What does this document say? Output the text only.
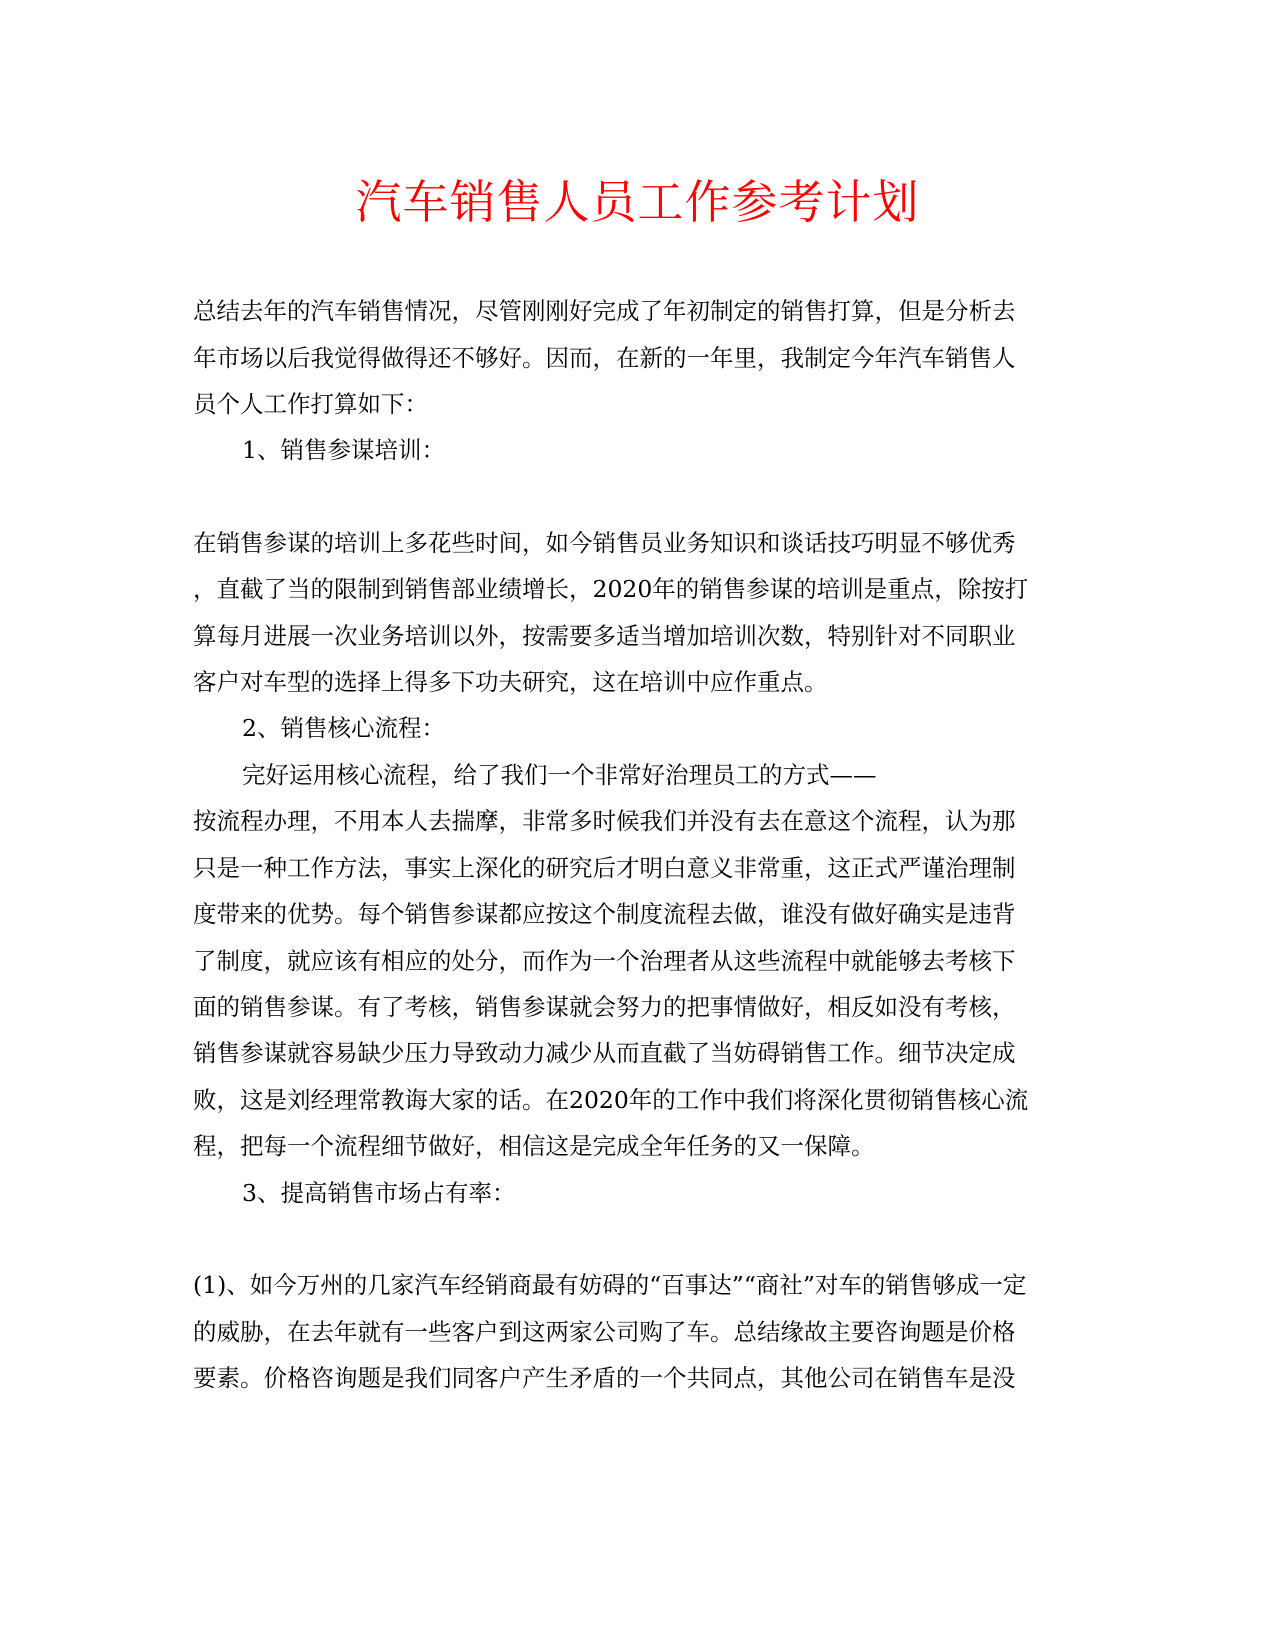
汽车销售人员工作参考计划
总结去年的汽车销售情况，尽管刚刚好完成了年初制定的销售打算，但是分析去
年市场以后我觉得做得还不够好。因而，在新的一年里，我制定今年汽车销售人
员个人工作打算如下：
1、销售参谋培训：
在销售参谋的培训上多花些时间，如今销售员业务知识和谈话技巧明显不够优秀
，直截了当的限制到销售部业绩增长，2020年的销售参谋的培训是重点，除按打
算每月进展一次业务培训以外，按需要多适当增加培训次数，特别针对不同职业
客户对车型的选择上得多下功夫研究，这在培训中应作重点。
2、销售核心流程：
完好运用核心流程，给了我们一个非常好治理员工的方式——
按流程办理，不用本人去揣摩，非常多时候我们并没有去在意这个流程，认为那
只是一种工作方法，事实上深化的研究后才明白意义非常重，这正式严谨治理制
度带来的优势。每个销售参谋都应按这个制度流程去做，谁没有做好确实是违背
了制度，就应该有相应的处分，而作为一个治理者从这些流程中就能够去考核下
面的销售参谋。有了考核，销售参谋就会努力的把事情做好，相反如没有考核，
销售参谋就容易缺少压力导致动力减少从而直截了当妨碍销售工作。细节决定成
败，这是刘经理常教诲大家的话。在2020年的工作中我们将深化贯彻销售核心流
程，把每一个流程细节做好，相信这是完成全年任务的又一保障。
3、提高销售市场占有率：
(1)、如今万州的几家汽车经销商最有妨碍的“百事达”“商社”对车的销售够成一定
的威胁，在去年就有一些客户到这两家公司购了车。总结缘故主要咨询题是价格
要素。价格咨询题是我们同客户产生矛盾的一个共同点，其他公司在销售车是没
